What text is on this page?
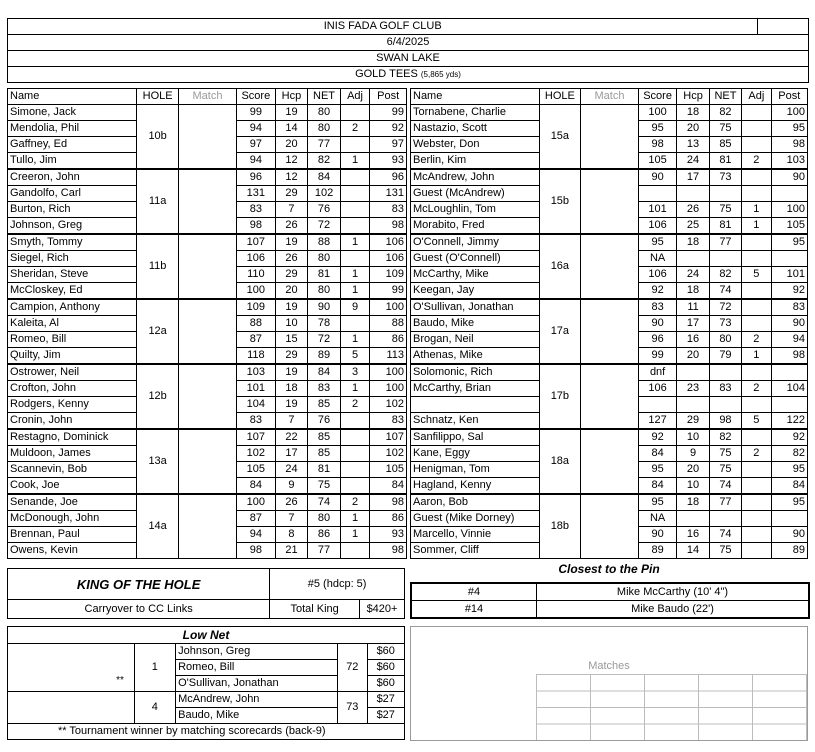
INIS FADA GOLF CLUB	
6/4/2025
SWAN LAKE
GOLD TEES (5,865 yds)
Name	HOLE	Match	Score	Hcp	NET	Adj	Post
Simone, Jack	10b		99	19	80		99
Mendolia, Phil			94	14	80	2	92
Gaffney, Ed			97	20	77		97
Tullo, Jim			94	12	82	1	93
Creeron, John	11a		96	12	84		96
Gandolfo, Carl			131	29	102		131
Burton, Rich			83	7	76		83
Johnson, Greg			98	26	72		98
Smyth, Tommy	11b		107	19	88	1	106
Siegel, Rich			106	26	80		106
Sheridan, Steve			110	29	81	1	109
McCloskey, Ed			100	20	80	1	99
Campion, Anthony	12a		109	19	90	9	100
Kaleita, Al			88	10	78		88
Romeo, Bill			87	15	72	1	86
Quilty, Jim			118	29	89	5	113
Ostrower, Neil	12b		103	19	84	3	100
Crofton, John			101	18	83	1	100
Rodgers, Kenny			104	19	85	2	102
Cronin, John			83	7	76		83
Restagno, Dominick	13a		107	22	85		107
Muldoon, James			102	17	85		102
Scannevin, Bob			105	24	81		105
Cook, Joe			84	9	75		84
Senande, Joe	14a		100	26	74	2	98
McDonough, John			87	7	80	1	86
Brennan, Paul			94	8	86	1	93
Owens, Kevin			98	21	77		98
Name	HOLE	Match	Score	Hcp	NET	Adj	Post
Tornabene, Charlie	15a		100	18	82		100
Nastazio, Scott			95	20	75		95
Webster, Don			98	13	85		98
Berlin, Kim			105	24	81	2	103
McAndrew, John	15b		90	17	73		90
Guest (McAndrew)							
McLoughlin, Tom			101	26	75	1	100
Morabito, Fred			106	25	81	1	105
O'Connell, Jimmy	16a		95	18	77		95
Guest (O'Connell)			NA				
McCarthy, Mike			106	24	82	5	101
Keegan, Jay			92	18	74		92
O'Sullivan, Jonathan	17a		83	11	72		83
Baudo, Mike			90	17	73		90
Brogan, Neil			96	16	80	2	94
Athenas, Mike			99	20	79	1	98
Solomonic, Rich	17b		dnf				
McCarthy, Brian			106	23	83	2	104

Schnatz, Ken			127	29	98	5	122
Sanfilippo, Sal	18a		92	10	82		92
Kane, Eggy			84	9	75	2	82
Henigman, Tom			95	20	75		95
Hagland, Kenny			84	10	74		84
Aaron, Bob	18b		95	18	77		95
Guest (Mike Dorney)			NA				
Marcello, Vinnie			90	16	74		90
Sommer, Cliff			89	14	75		89
KING OF THE HOLE	#5 (hdcp: 5)	
Carryover to CC Links	Total King	$420+
Closest to the Pin
#4	Mike McCarthy (10' 4")
#14	Mike Baudo (22')
Low Net				
	1	Johnson, Greg	72	$60
		Romeo, Bill		$60
		O'Sullivan, Jonathan		$60
	4	McAndrew, John	73	$27
		Baudo, Mike		$27
** Tournament winner by matching scorecards (back-9)				
**
Matches
